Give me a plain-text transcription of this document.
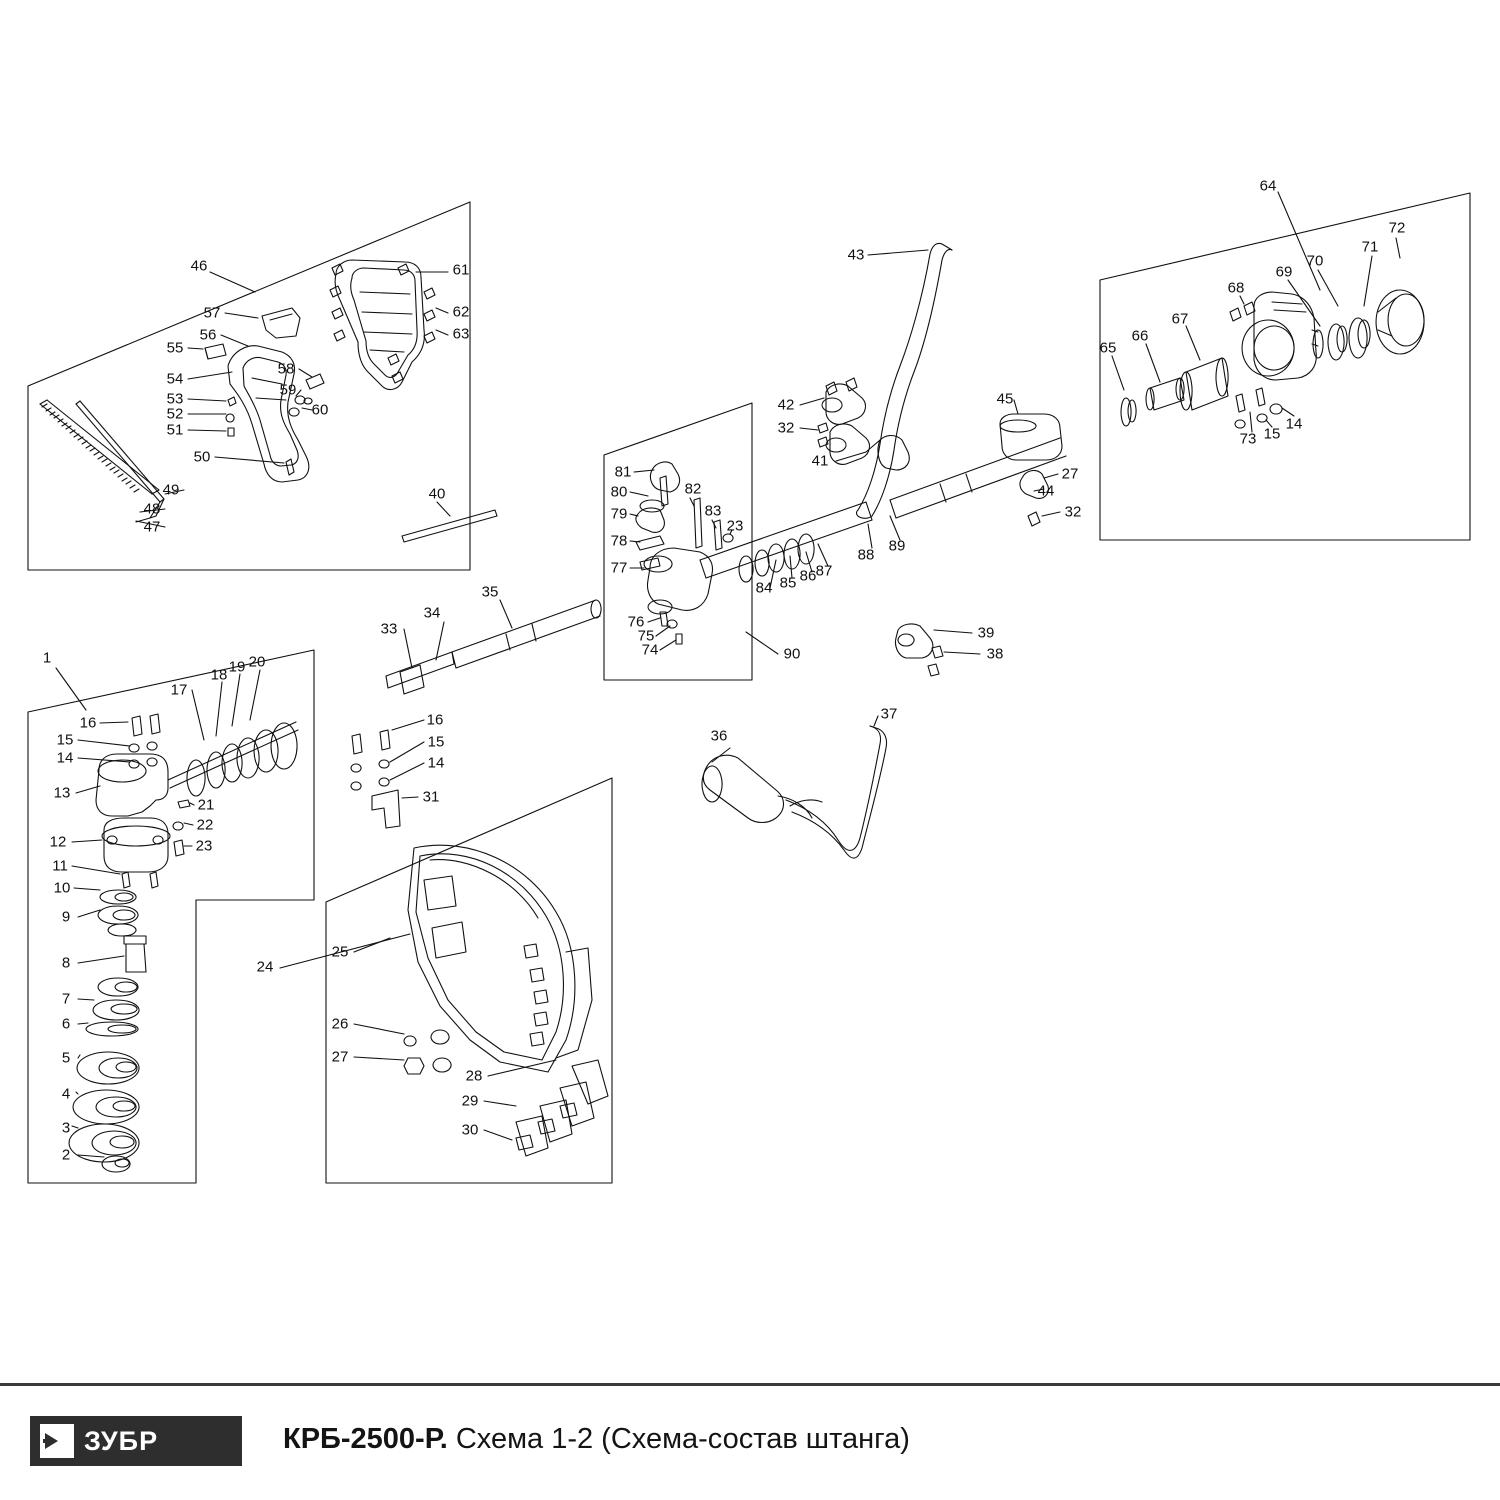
46	61
57	62
56	63
55
58
54
59
53
60
52
51
50
49
48
47
40
43
42
32
41
45
27
44
32
64
72
71
70
69
68
67
66
65
73 15
14
81
80	82
79	83
23
78
77
84 85 86 87
88
89
76
75
74	90
35
34
33	39
38
1
17
18 19 20
16	16
15	15
14	14
13
21	31
22
12	23
11
10
9
8
7
6
5
4
3
2
24
25
26
27
28
29
30
36
37
ЗУБР	КРБ-2500-Р. Схема 1-2 (Схема-состав штанга)
